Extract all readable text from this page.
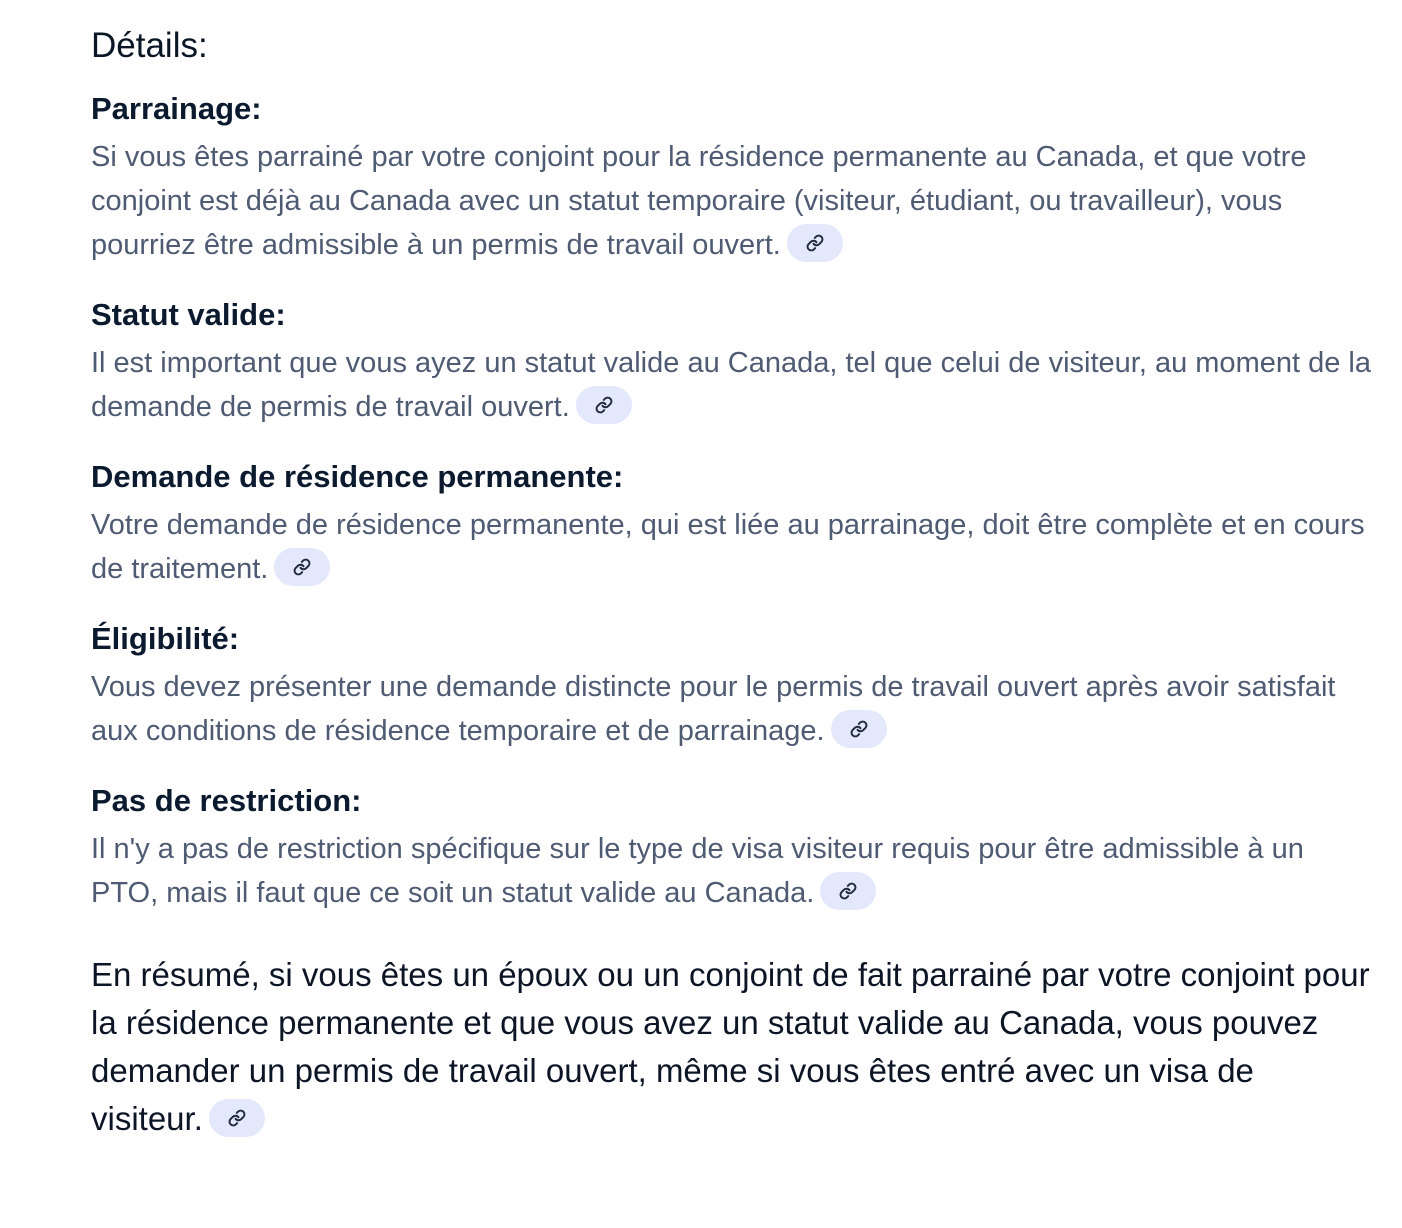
Détails:
Parrainage:

Si vous êtes parrainé par votre conjoint pour la résidence permanente au Canada, et que votre conjoint est déjà au Canada avec un statut temporaire (visiteur, étudiant, ou travailleur), vous pourriez être admissible à un permis de travail ouvert.

Statut valide:

Il est important que vous ayez un statut valide au Canada, tel que celui de visiteur, au moment de la demande de permis de travail ouvert.

Demande de résidence permanente:

Votre demande de résidence permanente, qui est liée au parrainage, doit être complète et en cours de traitement.

Éligibilité:

Vous devez présenter une demande distincte pour le permis de travail ouvert après avoir satisfait aux conditions de résidence temporaire et de parrainage.

Pas de restriction:

Il n'y a pas de restriction spécifique sur le type de visa visiteur requis pour être admissible à un PTO, mais il faut que ce soit un statut valide au Canada.

En résumé, si vous êtes un époux ou un conjoint de fait parrainé par votre conjoint pour la résidence permanente et que vous avez un statut valide au Canada, vous pouvez demander un permis de travail ouvert, même si vous êtes entré avec un visa de visiteur.
